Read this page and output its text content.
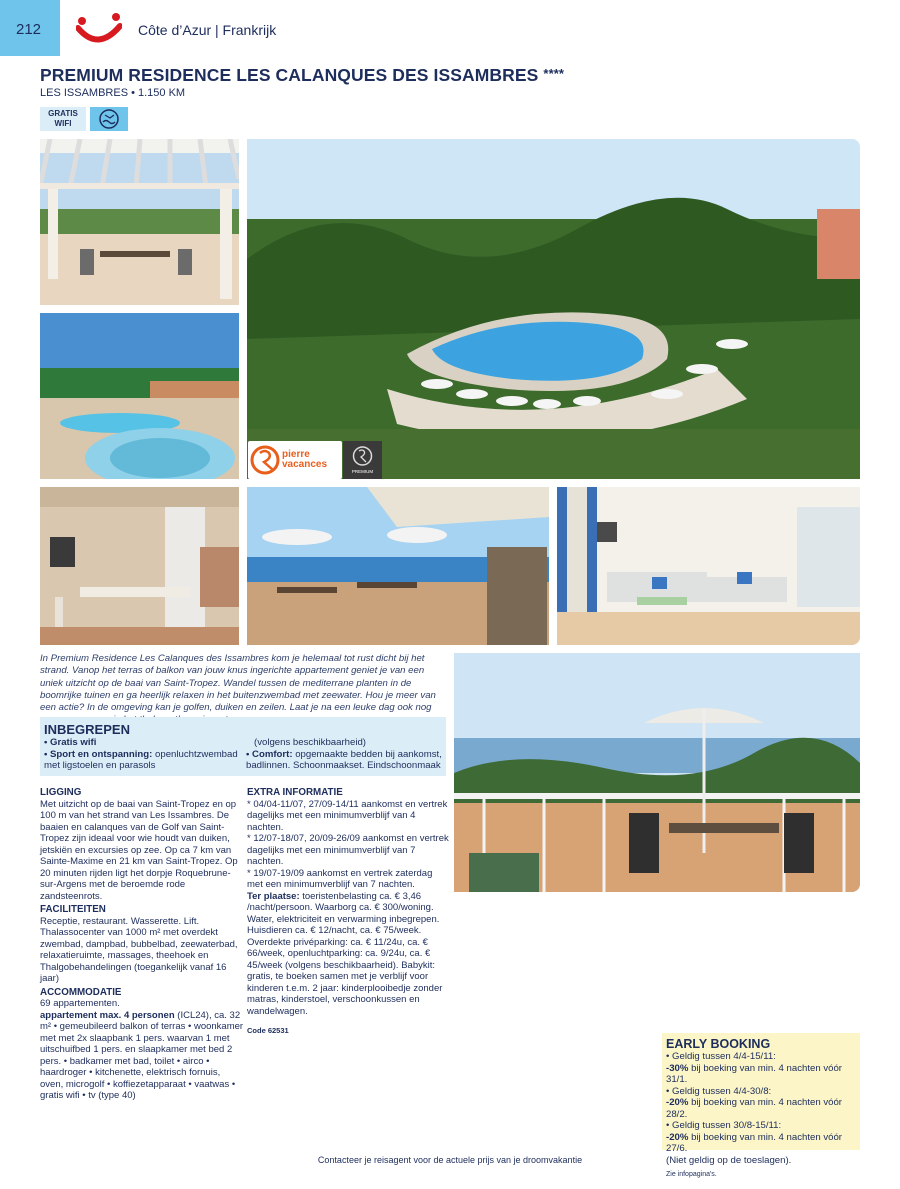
212	Côte d’Azur | Frankrijk
PREMIUM RESIDENCE LES CALANQUES DES ISSAMBRES ****
LES ISSAMBRES • 1.150 KM
GRATIS
WIFI
pierre
vacances
PREMIUM
In Premium Residence Les Calanques des Issambres kom je helemaal tot rust dicht bij het strand. Vanop het terras of balkon van jouw knus ingerichte appartement geniet je van een uniek uitzicht op de baai van Saint-Tropez. Wandel tussen de mediterrane planten in de boomrijke tuinen en ga heerlijk relaxen in het buitenzwembad met zeewater. Hou je meer van een actie? In de omgeving kan je golfen, duiken en zeilen. Laat je na een leuke dag ook nog
INBEGREPEN
• Gratis wifi
• Sport en ontspanning: openluchtzwembad met ligstoelen en parasols
(volgens beschikbaarheid)
• Comfort: opgemaakte bedden bij aankomst, badlinnen. Schoonmaakset. Eindschoonmaak
LIGGING

Met uitzicht op de baai van Saint-Tropez en op 100 m van het strand van Les Issambres. De baaien en calanques van de Golf van Saint-Tropez zijn ideaal voor wie houdt van duiken, jetskiën en excursies op zee. Op ca 7 km van Sainte-Maxime en 21 km van Saint-Tropez. Op 20 minuten rijden ligt het dorpje Roquebrune-sur-Argens met de beroemde rode zandsteenrots.

FACILITEITEN

Receptie, restaurant. Wasserette. Lift. Thalassocenter van 1000 m² met overdekt zwembad, dampbad, bubbelbad, zeewaterbad, relaxatieruimte, massages, theehoek en Thalgobehandelingen (toegankelijk vanaf 16 jaar)

ACCOMMODATIE

69 appartementen.

appartement max. 4 personen (ICL24), ca. 32 m² • gemeubileerd balkon of terras • woonkamer met met 2x slaapbank 1 pers. waarvan 1 met uitschuifbed 1 pers. en slaapkamer met bed 2 pers. • badkamer met bad, toilet • airco • haardroger • kitchenette, elektrisch fornuis, oven, microgolf • koffiezetapparaat • vaatwas • gratis wifi • tv (type 40)

EXTRA INFORMATIE

* 04/04-11/07, 27/09-14/11 aankomst en vertrek dagelijks met een minimumverblijf van 4 nachten.

* 12/07-18/07, 20/09-26/09 aankomst en vertrek dagelijks met een minimumverblijf van 7 nachten.

* 19/07-19/09 aankomst en vertrek zaterdag met een minimumverblijf van 7 nachten.

Ter plaatse: toeristenbelasting ca. € 3,46 /nacht/persoon. Waarborg ca. € 300/woning. Water, elektriciteit en verwarming inbegrepen. Huisdieren ca. € 12/nacht, ca. € 75/week. Overdekte privéparking: ca. € 11/24u, ca. € 66/week, openluchtparking: ca. 9/24u, ca. € 45/week (volgens beschikbaarheid). Babykit: gratis, te boeken samen met je verblijf voor kinderen t.e.m. 2 jaar: kinderplooibedje zonder matras, kinderstoel, verschoonkussen en wandelwagen.

Code 62531
EARLY BOOKING
• Geldig tussen 4/4-15/11:
-30% bij boeking van min. 4 nachten vóór 31/1.
• Geldig tussen 4/4-30/8:
-20% bij boeking van min. 4 nachten vóór 28/2.
• Geldig tussen 30/8-15/11:
-20% bij boeking van min. 4 nachten vóór 27/6.
(Niet geldig op de toeslagen).
Zie infopagina's.
Contacteer je reisagent voor de actuele prijs van je droomvakantie
